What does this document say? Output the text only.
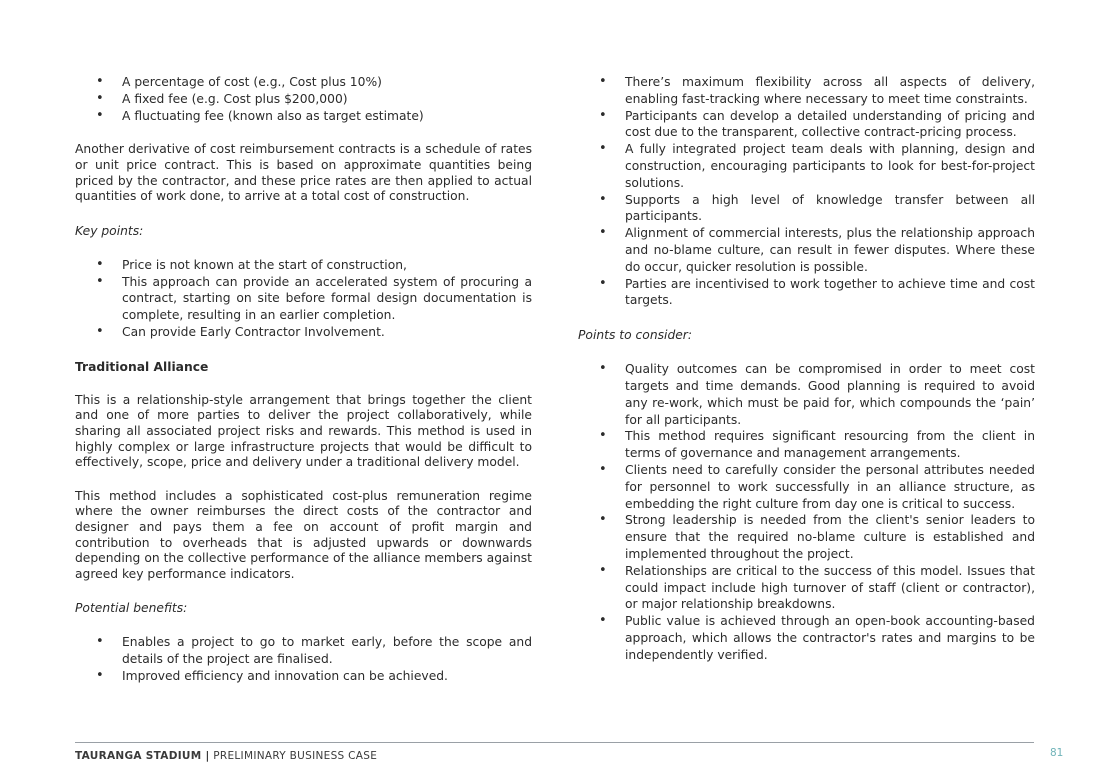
• A percentage of cost (e.g., Cost plus 10%)
• A fixed fee (e.g. Cost plus $200,000)
• A fluctuating fee (known also as target estimate)

Another derivative of cost reimbursement contracts is a schedule of rates or unit price contract. This is based on approximate quantities being priced by the contractor, and these price rates are then applied to actual quantities of work done, to arrive at a total cost of construction.

Key points:
• Price is not known at the start of construction,
• This approach can provide an accelerated system of procuring a contract, starting on site before formal design documentation is complete, resulting in an earlier completion.
• Can provide Early Contractor Involvement.
Traditional Alliance

This is a relationship-style arrangement that brings together the client and one of more parties to deliver the project collaboratively, while sharing all associated project risks and rewards. This method is used in highly complex or large infrastructure projects that would be difficult to effectively, scope, price and delivery under a traditional delivery model.

This method includes a sophisticated cost-plus remuneration regime where the owner reimburses the direct costs of the contractor and designer and pays them a fee on account of profit margin and contribution to overheads that is adjusted upwards or downwards depending on the collective performance of the alliance members against agreed key performance indicators.

Potential benefits:
• Enables a project to go to market early, before the scope and details of the project are finalised.
• Improved efficiency and innovation can be achieved.
• There’s maximum flexibility across all aspects of delivery, enabling fast-tracking where necessary to meet time constraints.
• Participants can develop a detailed understanding of pricing and cost due to the transparent, collective contract-pricing process.
• A fully integrated project team deals with planning, design and construction, encouraging participants to look for best-for-project solutions.
• Supports a high level of knowledge transfer between all participants.
• Alignment of commercial interests, plus the relationship approach and no-blame culture, can result in fewer disputes. Where these do occur, quicker resolution is possible.
• Parties are incentivised to work together to achieve time and cost targets.
Points to consider:
• Quality outcomes can be compromised in order to meet cost targets and time demands. Good planning is required to avoid any re-work, which must be paid for, which compounds the ‘pain’ for all participants.
• This method requires significant resourcing from the client in terms of governance and management arrangements.
• Clients need to carefully consider the personal attributes needed for personnel to work successfully in an alliance structure, as embedding the right culture from day one is critical to success.
• Strong leadership is needed from the client's senior leaders to ensure that the required no-blame culture is established and implemented throughout the project.
• Relationships are critical to the success of this model. Issues that could impact include high turnover of staff (client or contractor), or major relationship breakdowns.
• Public value is achieved through an open-book accounting-based approach, which allows the contractor's rates and margins to be independently verified.
TAURANGA STADIUM | PRELIMINARY BUSINESS CASE	81
